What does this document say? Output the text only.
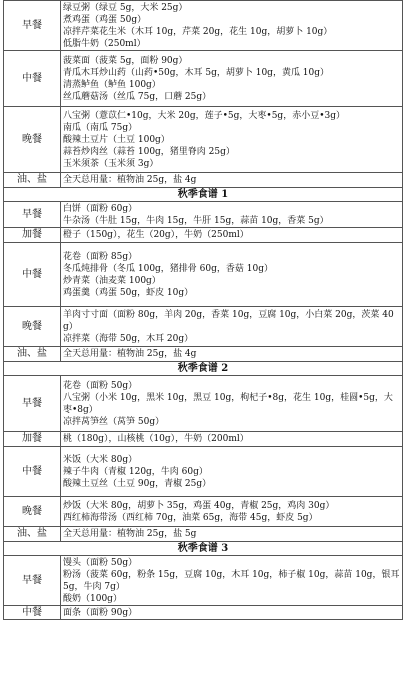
早餐	绿豆粥（绿豆 5g，大米 25g）
煮鸡蛋（鸡蛋 50g）
凉拌芹菜花生米（木耳 10g，芹菜 20g，花生 10g，胡萝卜 10g）
低脂牛奶（250ml）

中餐	菠菜面（菠菜 5g，面粉 90g）
青瓜木耳炒山药（山药•50g，木耳 5g，胡萝卜 10g，黄瓜 10g）
清蒸鲈鱼（鲈鱼 100g）
丝瓜蘑菇汤（丝瓜 75g，口蘑 25g）

晚餐	八宝粥（薏苡仁•10g，大米 20g，莲子•5g，大枣•5g，赤小豆•3g）
南瓜（南瓜 75g）
酸辣土豆片（土豆 100g）
蒜苔炒肉丝（蒜苔 100g，猪里脊肉 25g）
玉米须茶（玉米须 3g）

油、盐	全天总用量：植物油 25g，盐 4g

秋季食谱 1	
早餐	白饼（面粉 60g）
牛杂汤（牛肚 15g，牛肉 15g，牛肝 15g，蒜苗 10g，香菜 5g）

加餐	橙子（150g），花生（20g），牛奶（250ml）

中餐	花卷（面粉 85g）
冬瓜炖排骨（冬瓜 100g，猪排骨 60g，香菇 10g）
炒青菜（油麦菜 100g）
鸡蛋羹（鸡蛋 50g，虾皮 10g）

晚餐	羊肉寸寸面（面粉 80g，羊肉 20g，香菜 10g，豆腐 10g，小白菜 20g，茨菜 40g）
凉拌菜（海带 50g，木耳 20g）

油、盐	全天总用量：植物油 25g，盐 4g

秋季食谱 2	
早餐	花卷（面粉 50g）
八宝粥（小米 10g，黑米 10g，黑豆 10g，枸杞子•8g，花生 10g，桂圆•5g，大枣•8g）
凉拌莴笋丝（莴笋 50g）

加餐	桃（180g），山核桃（10g），牛奶（200ml）

中餐	米饭（大米 80g）
辣子牛肉（青椒 120g，牛肉 60g）
酸辣土豆丝（土豆 90g，青椒 25g）

晚餐	炒饭（大米 80g，胡萝卜 35g，鸡蛋 40g，青椒 25g，鸡肉 30g）
西红柿海带汤（西红柿 70g，油菜 65g，海带 45g，虾皮 5g）

油、盐	全天总用量：植物油 25g，盐 5g

秋季食谱 3	
早餐	馒头（面粉 50g）
粉汤（菠菜 60g，粉条 15g，豆腐 10g，木耳 10g，柿子椒 10g，蒜苗 10g，银耳 5g，牛肉 7g）
酸奶（100g）

中餐	面条（面粉 90g）
